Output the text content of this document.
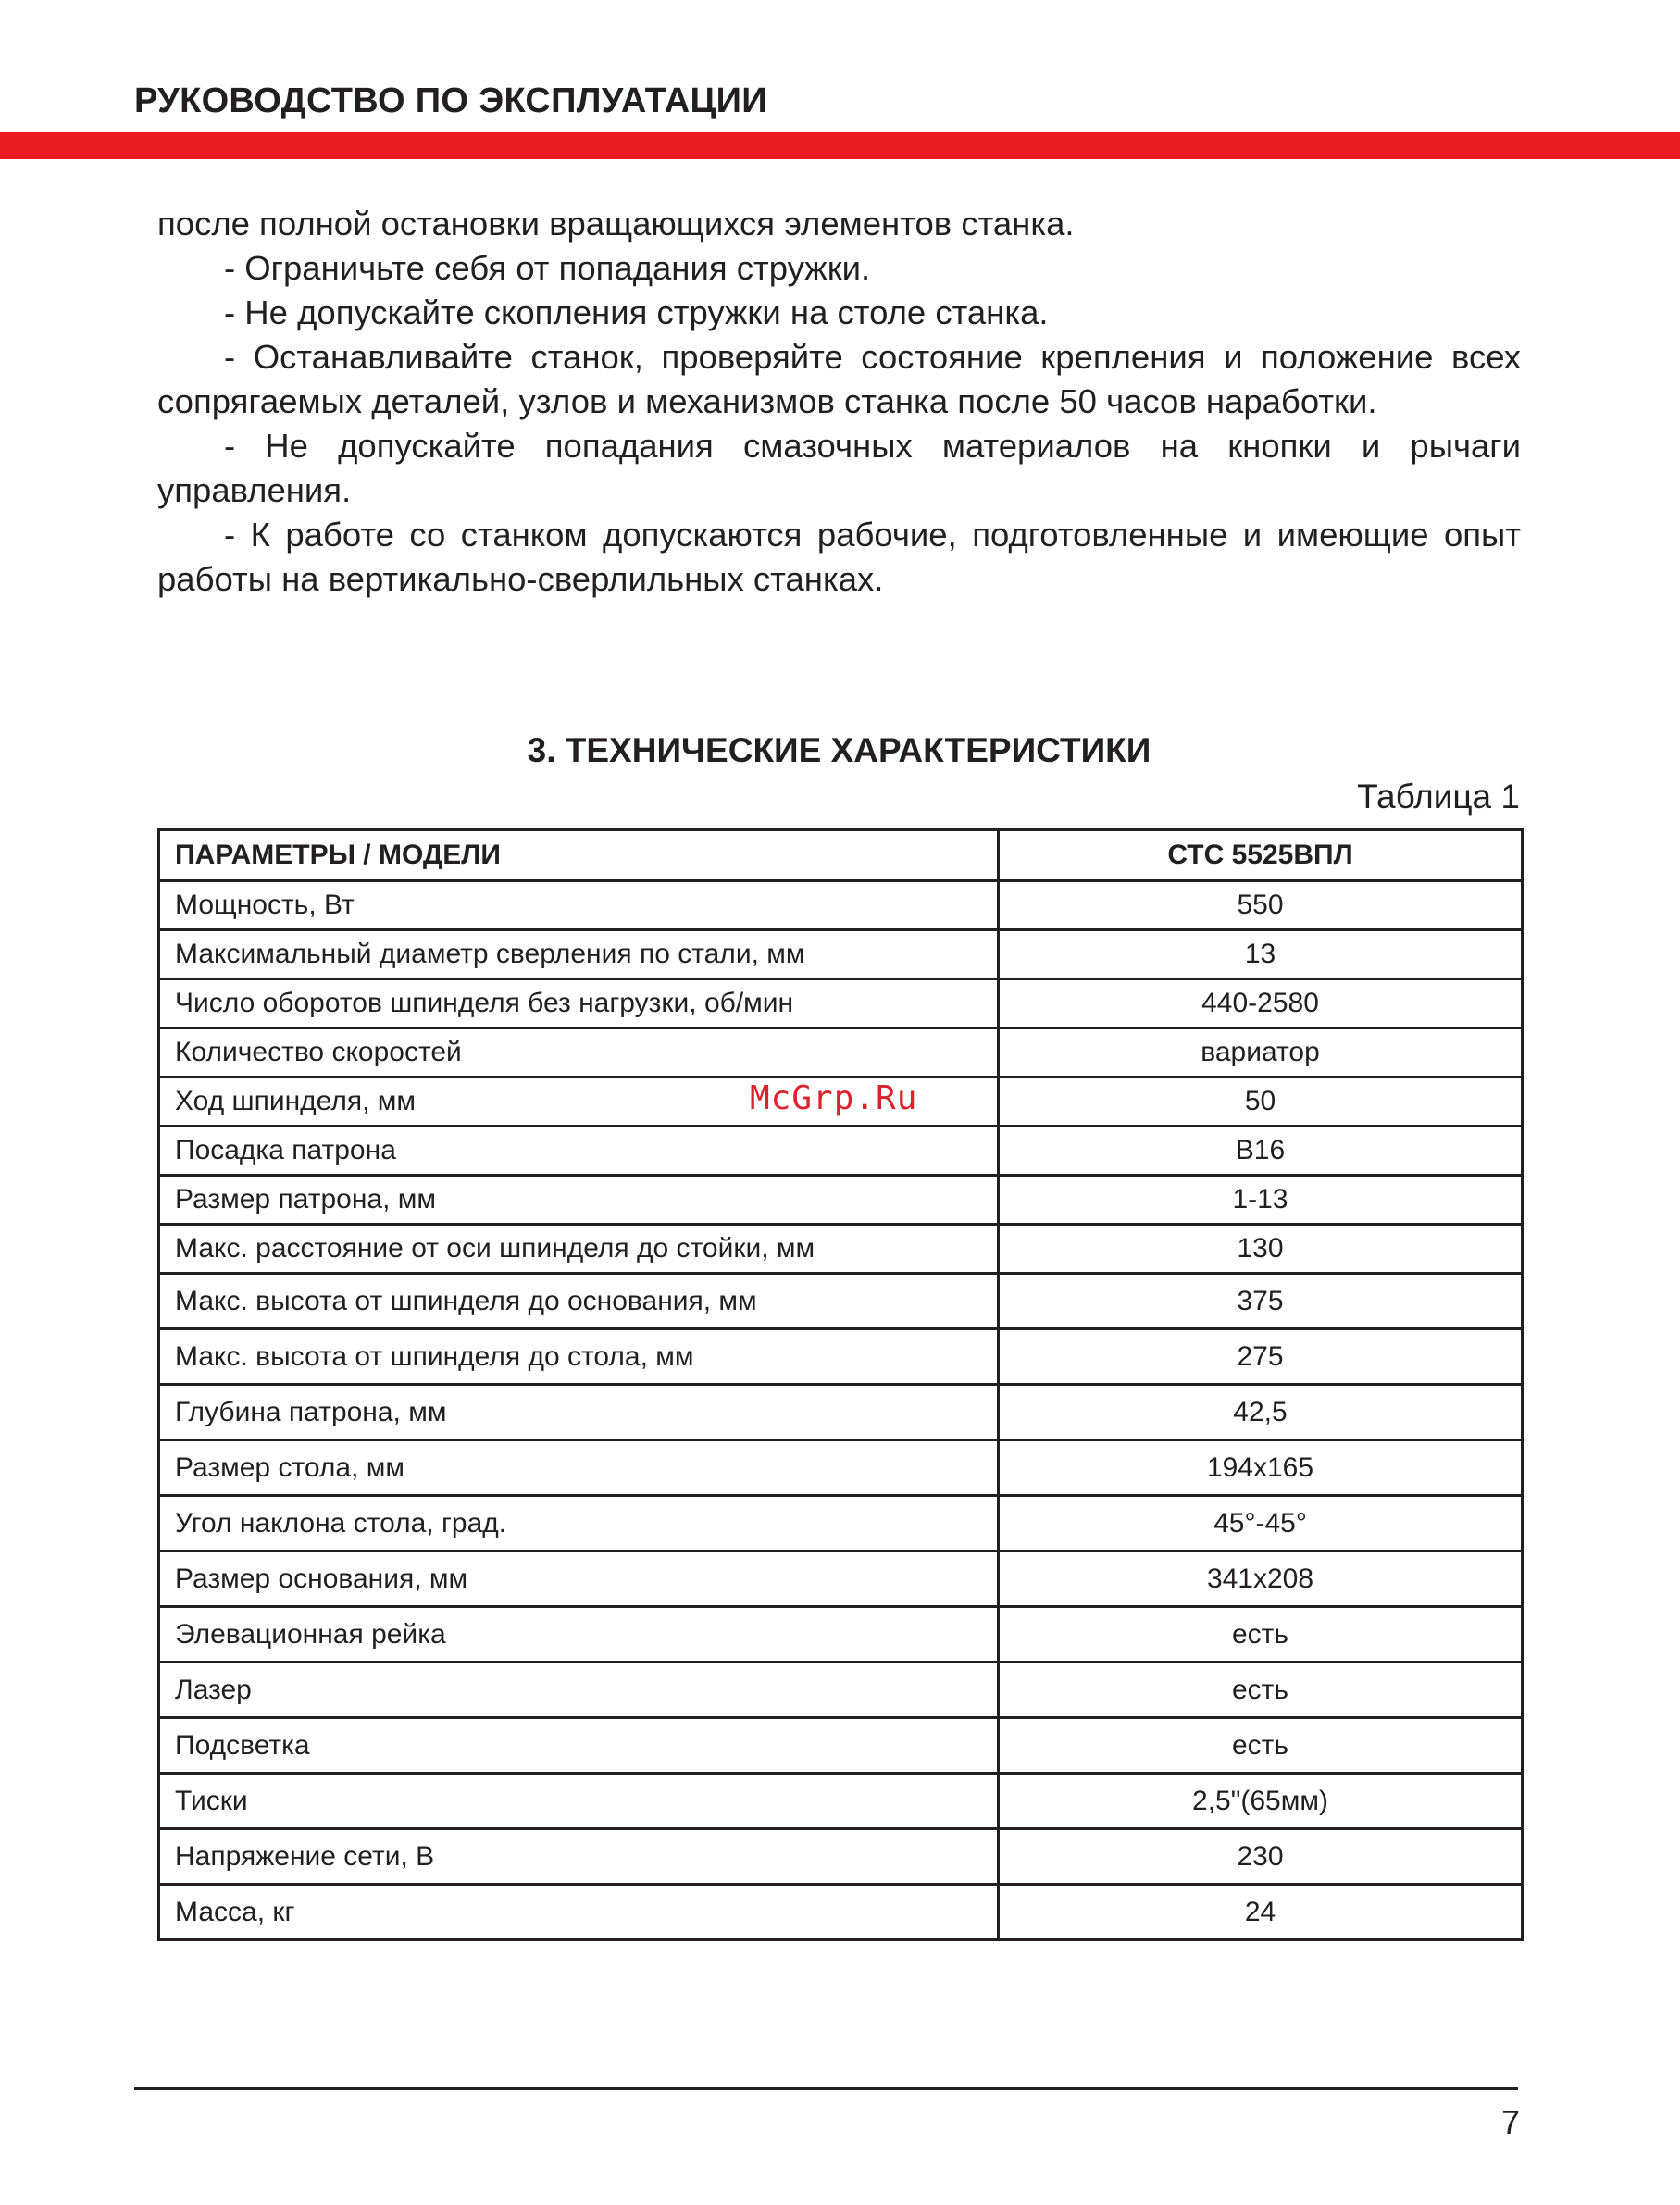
РУКОВОДСТВО ПО ЭКСПЛУАТАЦИИ

после полной остановки вращающихся элементов станка.

- Ограничьте себя от попадания стружки.

- Не допускайте скопления стружки на столе станка.

- Останавливайте станок, проверяйте состояние крепления и положение всех сопрягаемых деталей, узлов и механизмов станка после 50 часов наработки.

- Не допускайте попадания смазочных материалов на кнопки и рычаги управления.

- К работе со станком допускаются рабочие, подготовленные и имеющие опыт работы на вертикально-сверлильных станках.

3. ТЕХНИЧЕСКИЕ ХАРАКТЕРИСТИКИ
Таблица 1
ПАРАМЕТРЫ / МОДЕЛИ	СТС 5525ВПЛ
Мощность, Вт	550
Максимальный диаметр сверления по стали, мм	13
Число оборотов шпинделя без нагрузки, об/мин	440-2580
Количество скоростей	вариатор
Ход шпинделя, мм	50
Посадка патрона	B16
Размер патрона, мм	1-13
Макс. расстояние от оси шпинделя до стойки, мм	130
Макс. высота от шпинделя до основания, мм	375
Макс. высота от шпинделя до стола, мм	275
Глубина патрона, мм	42,5
Размер стола, мм	194x165
Угол наклона стола, град.	45°-45°
Размер основания, мм	341x208
Элевационная рейка	есть
Лазер	есть
Подсветка	есть
Тиски	2,5"(65мм)
Напряжение сети, В	230
Масса, кг	24
McGrp.Ru
7
